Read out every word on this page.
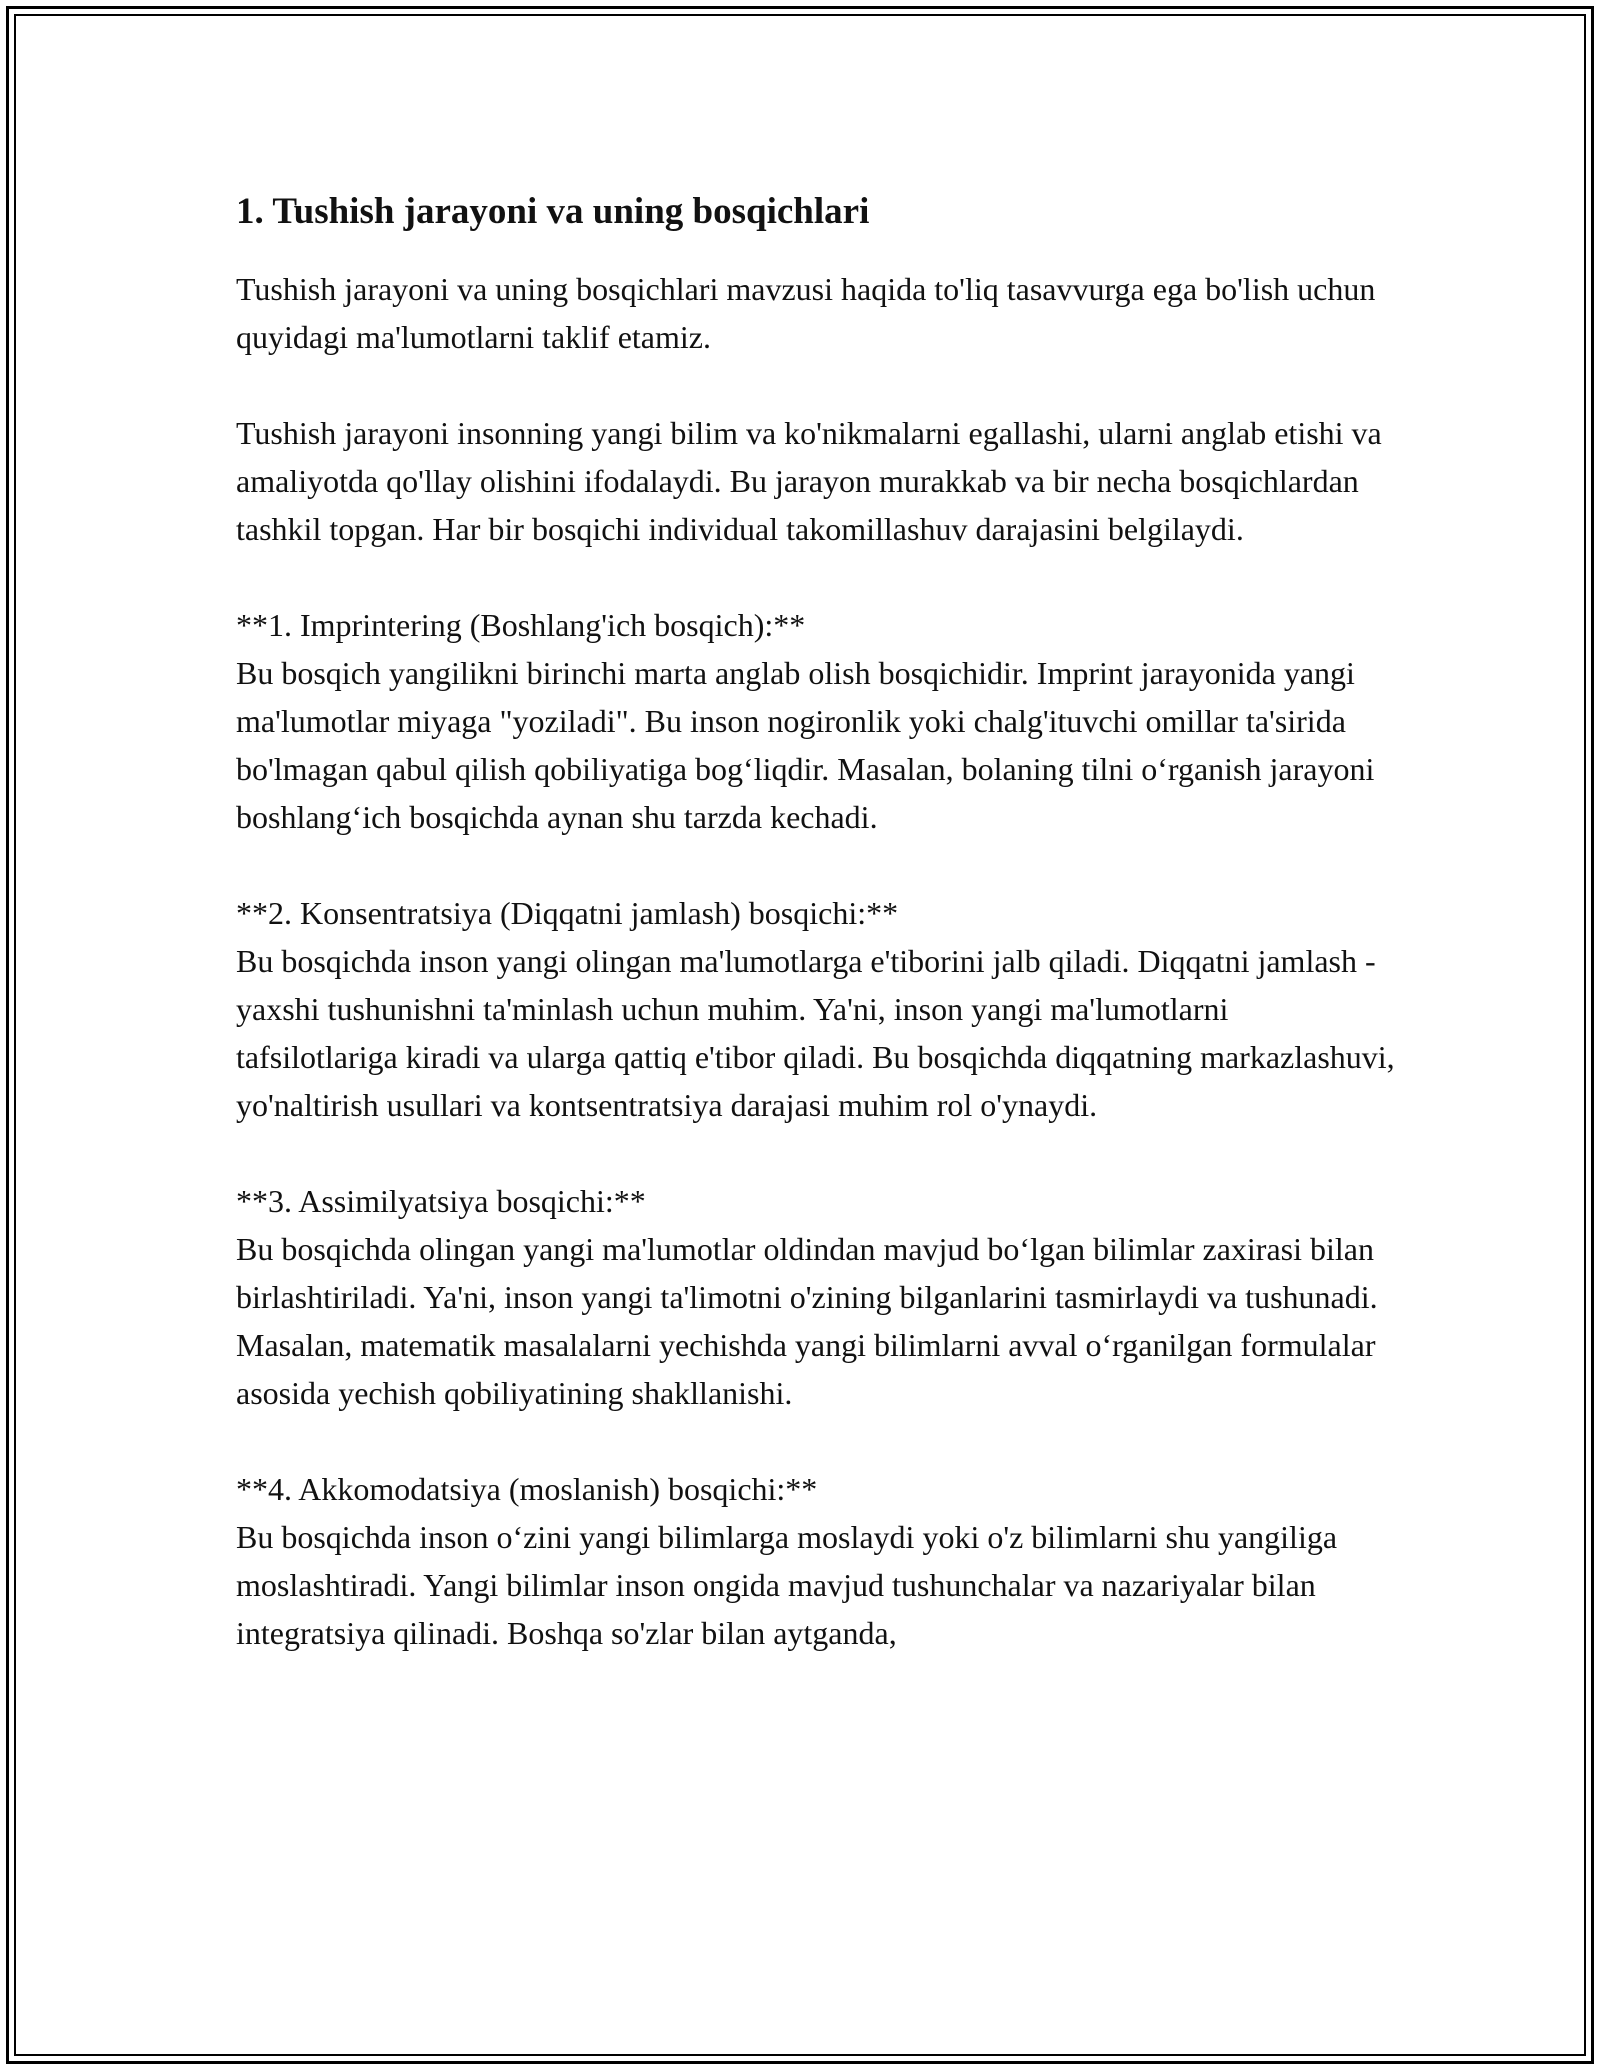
1. Tushish jarayoni va uning bosqichlari

Tushish jarayoni va uning bosqichlari mavzusi haqida to'liq tasavvurga ega bo'lish uchun quyidagi ma'lumotlarni taklif etamiz.

Tushish jarayoni insonning yangi bilim va ko'nikmalarni egallashi, ularni anglab etishi va amaliyotda qo'llay olishini ifodalaydi. Bu jarayon murakkab va bir necha bosqichlardan tashkil topgan. Har bir bosqichi individual takomillashuv darajasini belgilaydi.

**1. Imprintering (Boshlang'ich bosqich):**
Bu bosqich yangilikni birinchi marta anglab olish bosqichidir. Imprint jarayonida yangi ma'lumotlar miyaga "yoziladi". Bu inson nogironlik yoki chalg'ituvchi omillar ta'sirida bo'lmagan qabul qilish qobiliyatiga bog‘liqdir. Masalan, bolaning tilni o‘rganish jarayoni boshlang‘ich bosqichda aynan shu tarzda kechadi.

**2. Konsentratsiya (Diqqatni jamlash) bosqichi:**
Bu bosqichda inson yangi olingan ma'lumotlarga e'tiborini jalb qiladi. Diqqatni jamlash - yaxshi tushunishni ta'minlash uchun muhim. Ya'ni, inson yangi ma'lumotlarni tafsilotlariga kiradi va ularga qattiq e'tibor qiladi. Bu bosqichda diqqatning markazlashuvi, yo'naltirish usullari va kontsentratsiya darajasi muhim rol o'ynaydi.

**3. Assimilyatsiya bosqichi:**
Bu bosqichda olingan yangi ma'lumotlar oldindan mavjud bo‘lgan bilimlar zaxirasi bilan birlashtiriladi. Ya'ni, inson yangi ta'limotni o'zining bilganlarini tasmirlaydi va tushunadi. Masalan, matematik masalalarni yechishda yangi bilimlarni avval o‘rganilgan formulalar asosida yechish qobiliyatining shakllanishi.

**4. Akkomodatsiya (moslanish) bosqichi:**
Bu bosqichda inson o‘zini yangi bilimlarga moslaydi yoki o'z bilimlarni shu yangiliga moslashtiradi. Yangi bilimlar inson ongida mavjud tushunchalar va nazariyalar bilan integratsiya qilinadi. Boshqa so'zlar bilan aytganda,
